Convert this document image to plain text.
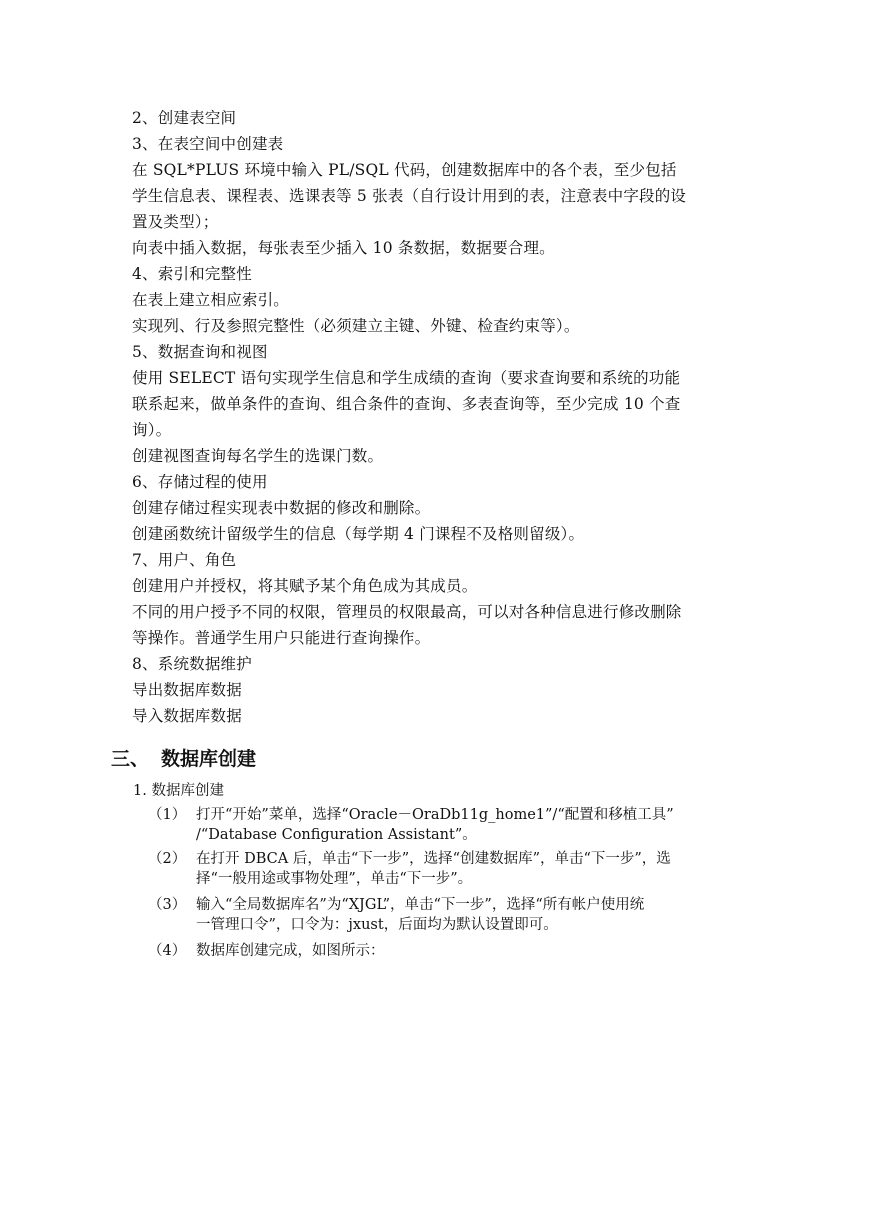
2、创建表空间
3、在表空间中创建表
在 SQL*PLUS 环境中输入 PL/SQL 代码，创建数据库中的各个表，至少包括
学生信息表、课程表、选课表等 5 张表（自行设计用到的表，注意表中字段的设
置及类型）；
向表中插入数据，每张表至少插入 10 条数据，数据要合理。
4、索引和完整性
在表上建立相应索引。
实现列、行及参照完整性（必须建立主键、外键、检查约束等）。
5、数据查询和视图
使用 SELECT 语句实现学生信息和学生成绩的查询（要求查询要和系统的功能
联系起来，做单条件的查询、组合条件的查询、多表查询等，至少完成 10 个查
询）。
创建视图查询每名学生的选课门数。
6、存储过程的使用
创建存储过程实现表中数据的修改和删除。
创建函数统计留级学生的信息（每学期 4 门课程不及格则留级）。
7、用户、角色
创建用户并授权，将其赋予某个角色成为其成员。
不同的用户授予不同的权限，管理员的权限最高，可以对各种信息进行修改删除
等操作。普通学生用户只能进行查询操作。
8、系统数据维护
导出数据库数据
导入数据库数据
三、 数据库创建
1. 数据库创建
（1） 打开“开始”菜单，选择“Oracle－OraDb11g_home1”/“配置和移植工具”
/“Database Configuration Assistant”。
（2） 在打开 DBCA 后，单击“下一步”，选择“创建数据库”，单击“下一步”，选
择“一般用途或事物处理”，单击“下一步”。
（3） 输入“全局数据库名”为“XJGL”，单击“下一步”，选择“所有帐户使用统
一管理口令”，口令为：jxust，后面均为默认设置即可。
（4） 数据库创建完成，如图所示：
